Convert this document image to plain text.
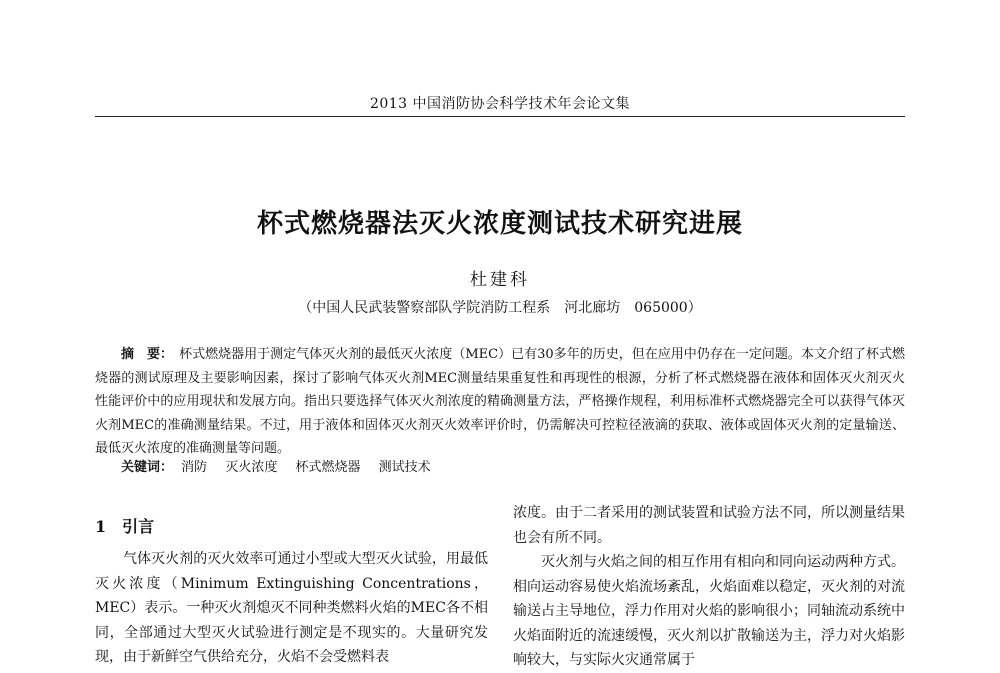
2013 中国消防协会科学技术年会论文集
杯式燃烧器法灭火浓度测试技术研究进展
杜建科
（中国人民武装警察部队学院消防工程系　河北廊坊　065000）
摘　要： 杯式燃烧器用于测定气体灭火剂的最低灭火浓度（MEC）已有30多年的历史，但在应用中仍存在一定问题。本文介绍了杯式燃烧器的测试原理及主要影响因素，探讨了影响气体灭火剂MEC测量结果重复性和再现性的根源，分析了杯式燃烧器在液体和固体灭火剂灭火性能评价中的应用现状和发展方向。指出只要选择气体灭火剂浓度的精确测量方法，严格操作规程，利用标准杯式燃烧器完全可以获得气体灭火剂MEC的准确测量结果。不过，用于液体和固体灭火剂灭火效率评价时，仍需解决可控粒径液滴的获取、液体或固体灭火剂的定量输送、最低灭火浓度的准确测量等问题。
关键词： 消防 灭火浓度 杯式燃烧器 测试技术
1 引言

气体灭火剂的灭火效率可通过小型或大型灭火试验，用最低灭火浓度（Minimum Extinguishing Concentrations，MEC）表示。一种灭火剂熄灭不同种类燃料火焰的MEC各不相同，全部通过大型灭火试验进行测定是不现实的。大量研究发现，由于新鲜空气供给充分，火焰不会受燃料表

浓度。由于二者采用的测试装置和试验方法不同，所以测量结果也会有所不同。

灭火剂与火焰之间的相互作用有相向和同向运动两种方式。相向运动容易使火焰流场紊乱，火焰面难以稳定，灭火剂的对流输送占主导地位，浮力作用对火焰的影响很小；同轴流动系统中火焰面附近的流速缓慢，灭火剂以扩散输送为主，浮力对火焰影响较大，与实际火灾通常属于
